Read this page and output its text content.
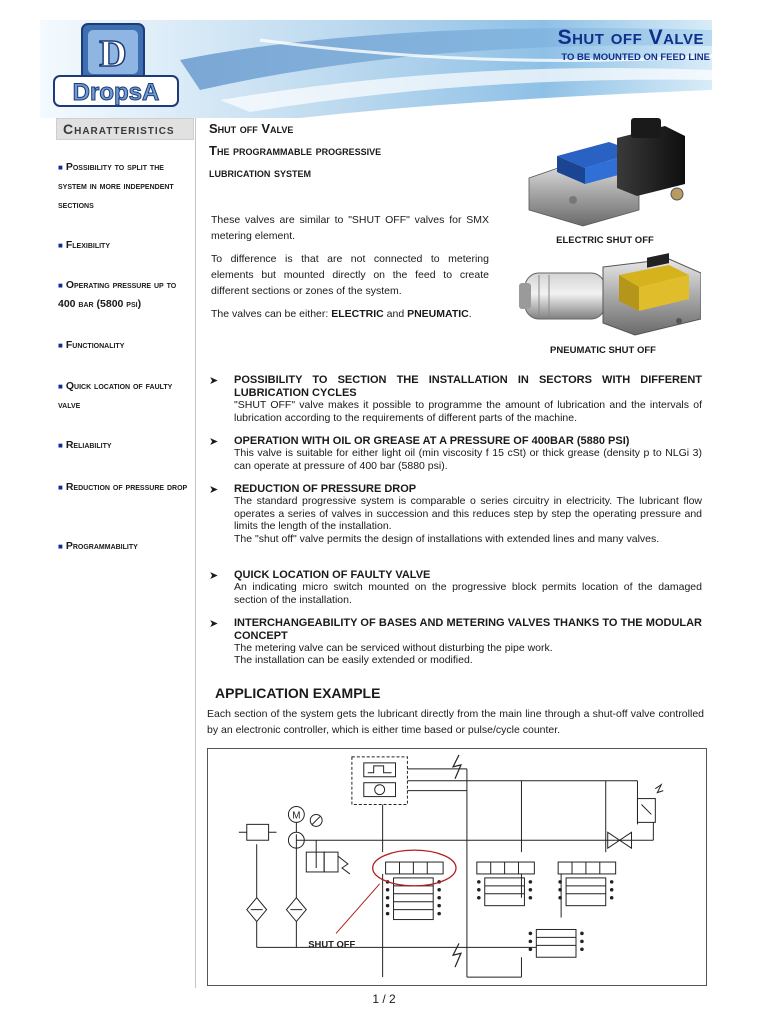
D
DropsA
Shut off Valve
TO BE MOUNTED ON FEED LINE
Charatteristics
■ Possibility to split the system in more independent sections
■ Flexibility
■ Operating pressure up to 400 bar (5800 psi)
■ Functionality
■ Quick location of faulty valve
■ Reliability
■ Reduction of pressure drop
■ Programmability
Shut off Valve
The programmable progressive
lubrication system

These valves are similar to "SHUT OFF" valves for SMX metering element.

To difference is that are not connected to metering elements but mounted directly on the feed to create different sections or zones of the system.

The valves can be either: ELECTRIC and PNEUMATIC.

ELECTRIC SHUT OFF
PNEUMATIC SHUT OFF
➤ POSSIBILITY TO SECTION THE INSTALLATION IN SECTORS WITH DIFFERENT LUBRICATION CYCLES
"SHUT OFF" valve makes it possible to programme the amount of lubrication and the intervals of lubrication according to the requirements of different parts of the machine.
➤ OPERATION WITH OIL OR GREASE AT A PRESSURE OF 400BAR (5880 PSI)
This valve is suitable for either light oil (min viscosity f 15 cSt) or thick grease (density p to NLGi 3) can operate at pressure of 400 bar (5880 psi).
➤ REDUCTION OF PRESSURE DROP
The standard progressive system is comparable o series circuitry in electricity. The lubricant flow operates a series of valves in succession and this reduces step by step the operating pressure and limits the length of the installation.
The "shut off" valve permits the design of installations with extended lines and many valves.
➤ QUICK LOCATION OF FAULTY VALVE
An indicating micro switch mounted on the progressive block permits location of the damaged section of the installation.
➤ INTERCHANGEABILITY OF BASES AND METERING VALVES THANKS TO THE MODULAR CONCEPT
The metering valve can be serviced without disturbing the pipe work.
The installation can be easily extended or modified.
APPLICATION EXAMPLE
Each section of the system gets the lubricant directly from the main line through a shut-off valve controlled by an electronic controller, which is either time based or pulse/cycle counter.
M
SHUT OFF
1 / 2
